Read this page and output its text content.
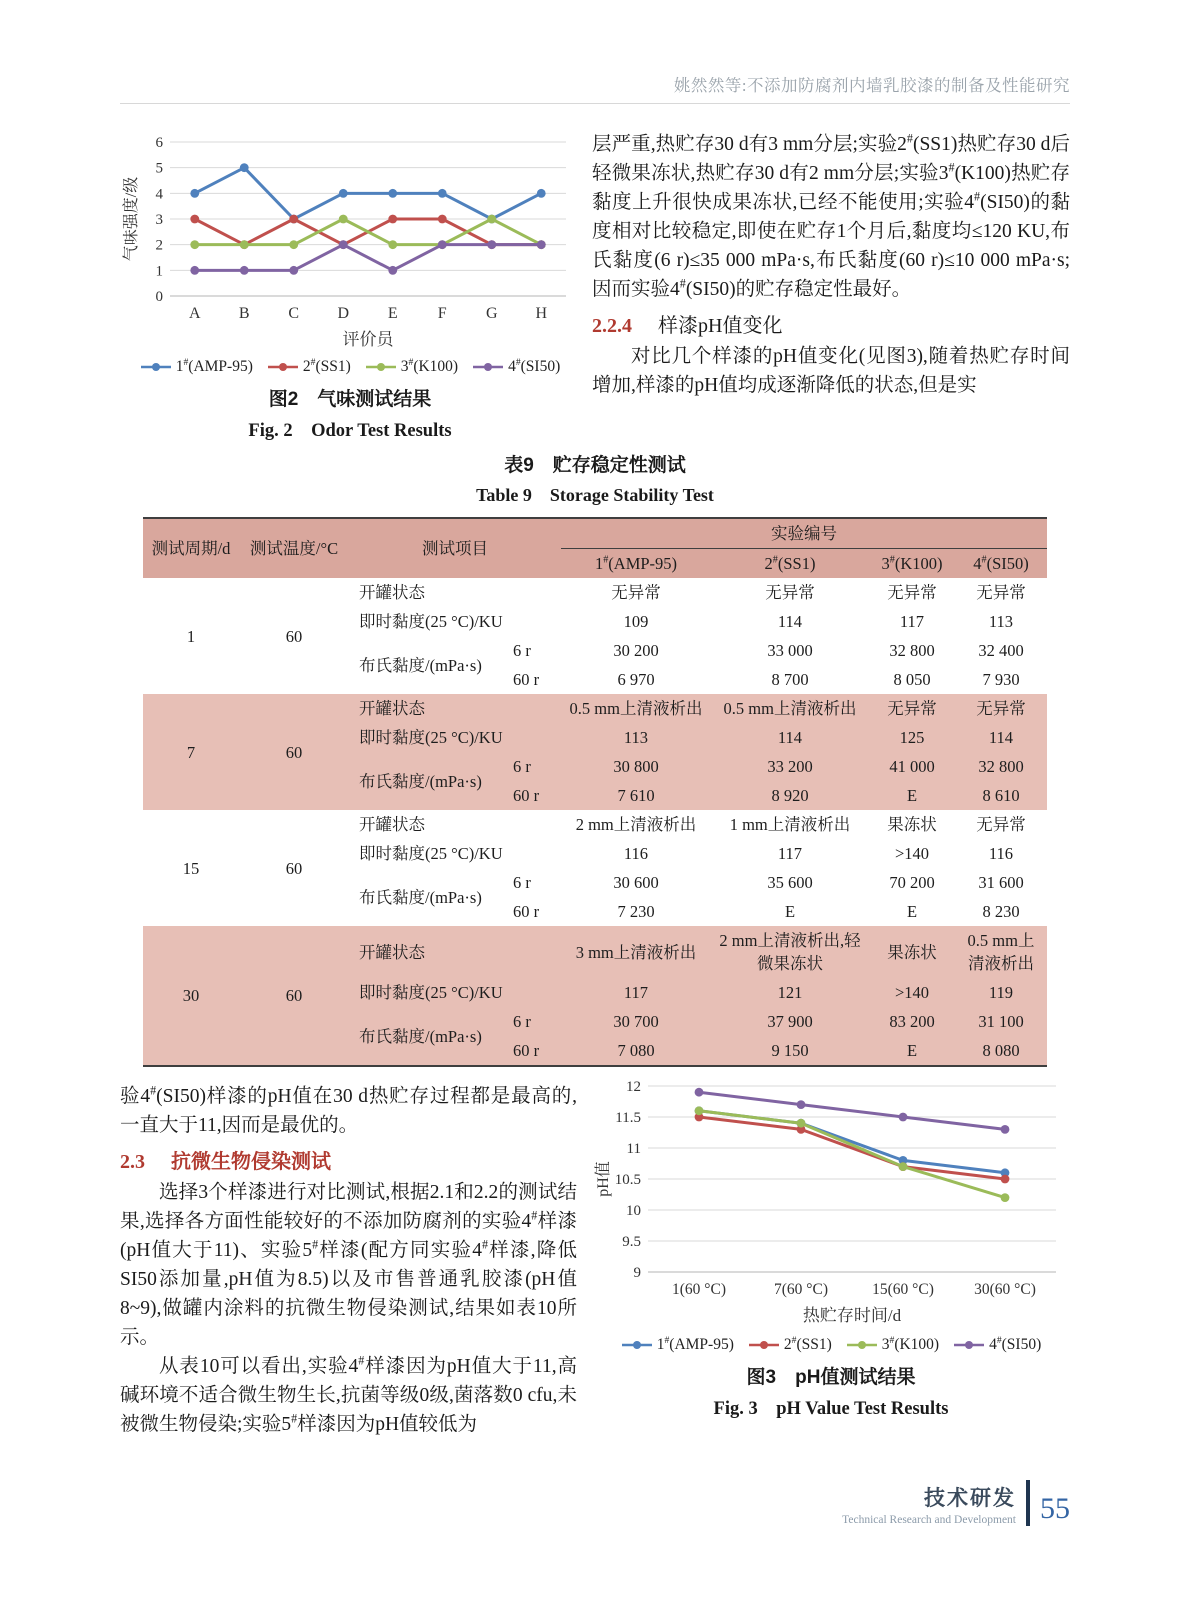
姚然然等:不添加防腐剂内墙乳胶漆的制备及性能研究
0
1
2
3
4
5
6
气味强度/级
A B C D E	F G H
评价员
1#(AMP-95)	2#(SS1)	3#(K100)	4#(SI50)
图2　气味测试结果
Fig. 2　Odor Test Results

层严重,热贮存30 d有3 mm分层;实验2#(SS1)热贮存30 d后轻微果冻状,热贮存30 d有2 mm分层;实验3#(K100)热贮存黏度上升很快成果冻状,已经不能使用;实验4#(SI50)的黏度相对比较稳定,即使在贮存1个月后,黏度均≤120 KU,布氏黏度(6 r)≤35 000 mPa·s,布氏黏度(60 r)≤10 000 mPa·s;因而实验4#(SI50)的贮存稳定性最好。

2.2.4 样漆pH值变化

对比几个样漆的pH值变化(见图3),随着热贮存时间增加,样漆的pH值均成逐渐降低的状态,但是实

表9　贮存稳定性测试
Table 9　Storage Stability Test
测试周期/d	测试温度/°C	测试项目		实验编号			
				1#(AMP-95)	2#(SS1)	3#(K100)	4#(SI50)
1	60	开罐状态		无异常	无异常	无异常	无异常
		即时黏度(25 °C)/KU		109	114	117	113
		布氏黏度/(mPa·s)	6 r	30 200	33 000	32 800	32 400
			60 r	6 970	8 700	8 050	7 930
7	60	开罐状态		0.5 mm上清液析出	0.5 mm上清液析出	无异常	无异常
		即时黏度(25 °C)/KU		113	114	125	114
		布氏黏度/(mPa·s)	6 r	30 800	33 200	41 000	32 800
			60 r	7 610	8 920	E	8 610
15	60	开罐状态		2 mm上清液析出	1 mm上清液析出	果冻状	无异常
		即时黏度(25 °C)/KU		116	117	>140	116
		布氏黏度/(mPa·s)	6 r	30 600	35 600	70 200	31 600
			60 r	7 230	E	E	8 230
30	60	开罐状态		3 mm上清液析出	2 mm上清液析出,轻微果冻状	果冻状	0.5 mm上清液析出
		即时黏度(25 °C)/KU		117	121	>140	119
		布氏黏度/(mPa·s)	6 r	30 700	37 900	83 200	31 100
			60 r	7 080	9 150	E	8 080

验4#(SI50)样漆的pH值在30 d热贮存过程都是最高的,一直大于11,因而是最优的。

2.3 抗微生物侵染测试

选择3个样漆进行对比测试,根据2.1和2.2的测试结果,选择各方面性能较好的不添加防腐剂的实验4#样漆(pH值大于11)、实验5#样漆(配方同实验4#样漆,降低SI50添加量,pH值为8.5)以及市售普通乳胶漆(pH值8~9),做罐内涂料的抗微生物侵染测试,结果如表10所示。

从表10可以看出,实验4#样漆因为pH值大于11,高碱环境不适合微生物生长,抗菌等级0级,菌落数0 cfu,未被微生物侵染;实验5#样漆因为pH值较低为

9
9.5
10
10.5
11
11.5
12
pH值
1(60 °C)	7(60 °C)	15(60 °C)	30(60 °C)
热贮存时间/d
1#(AMP-95)	2#(SS1)	3#(K100)	4#(SI50)
图3　pH值测试结果
Fig. 3　pH Value Test Results
技术研发
Technical Research and Development 55
